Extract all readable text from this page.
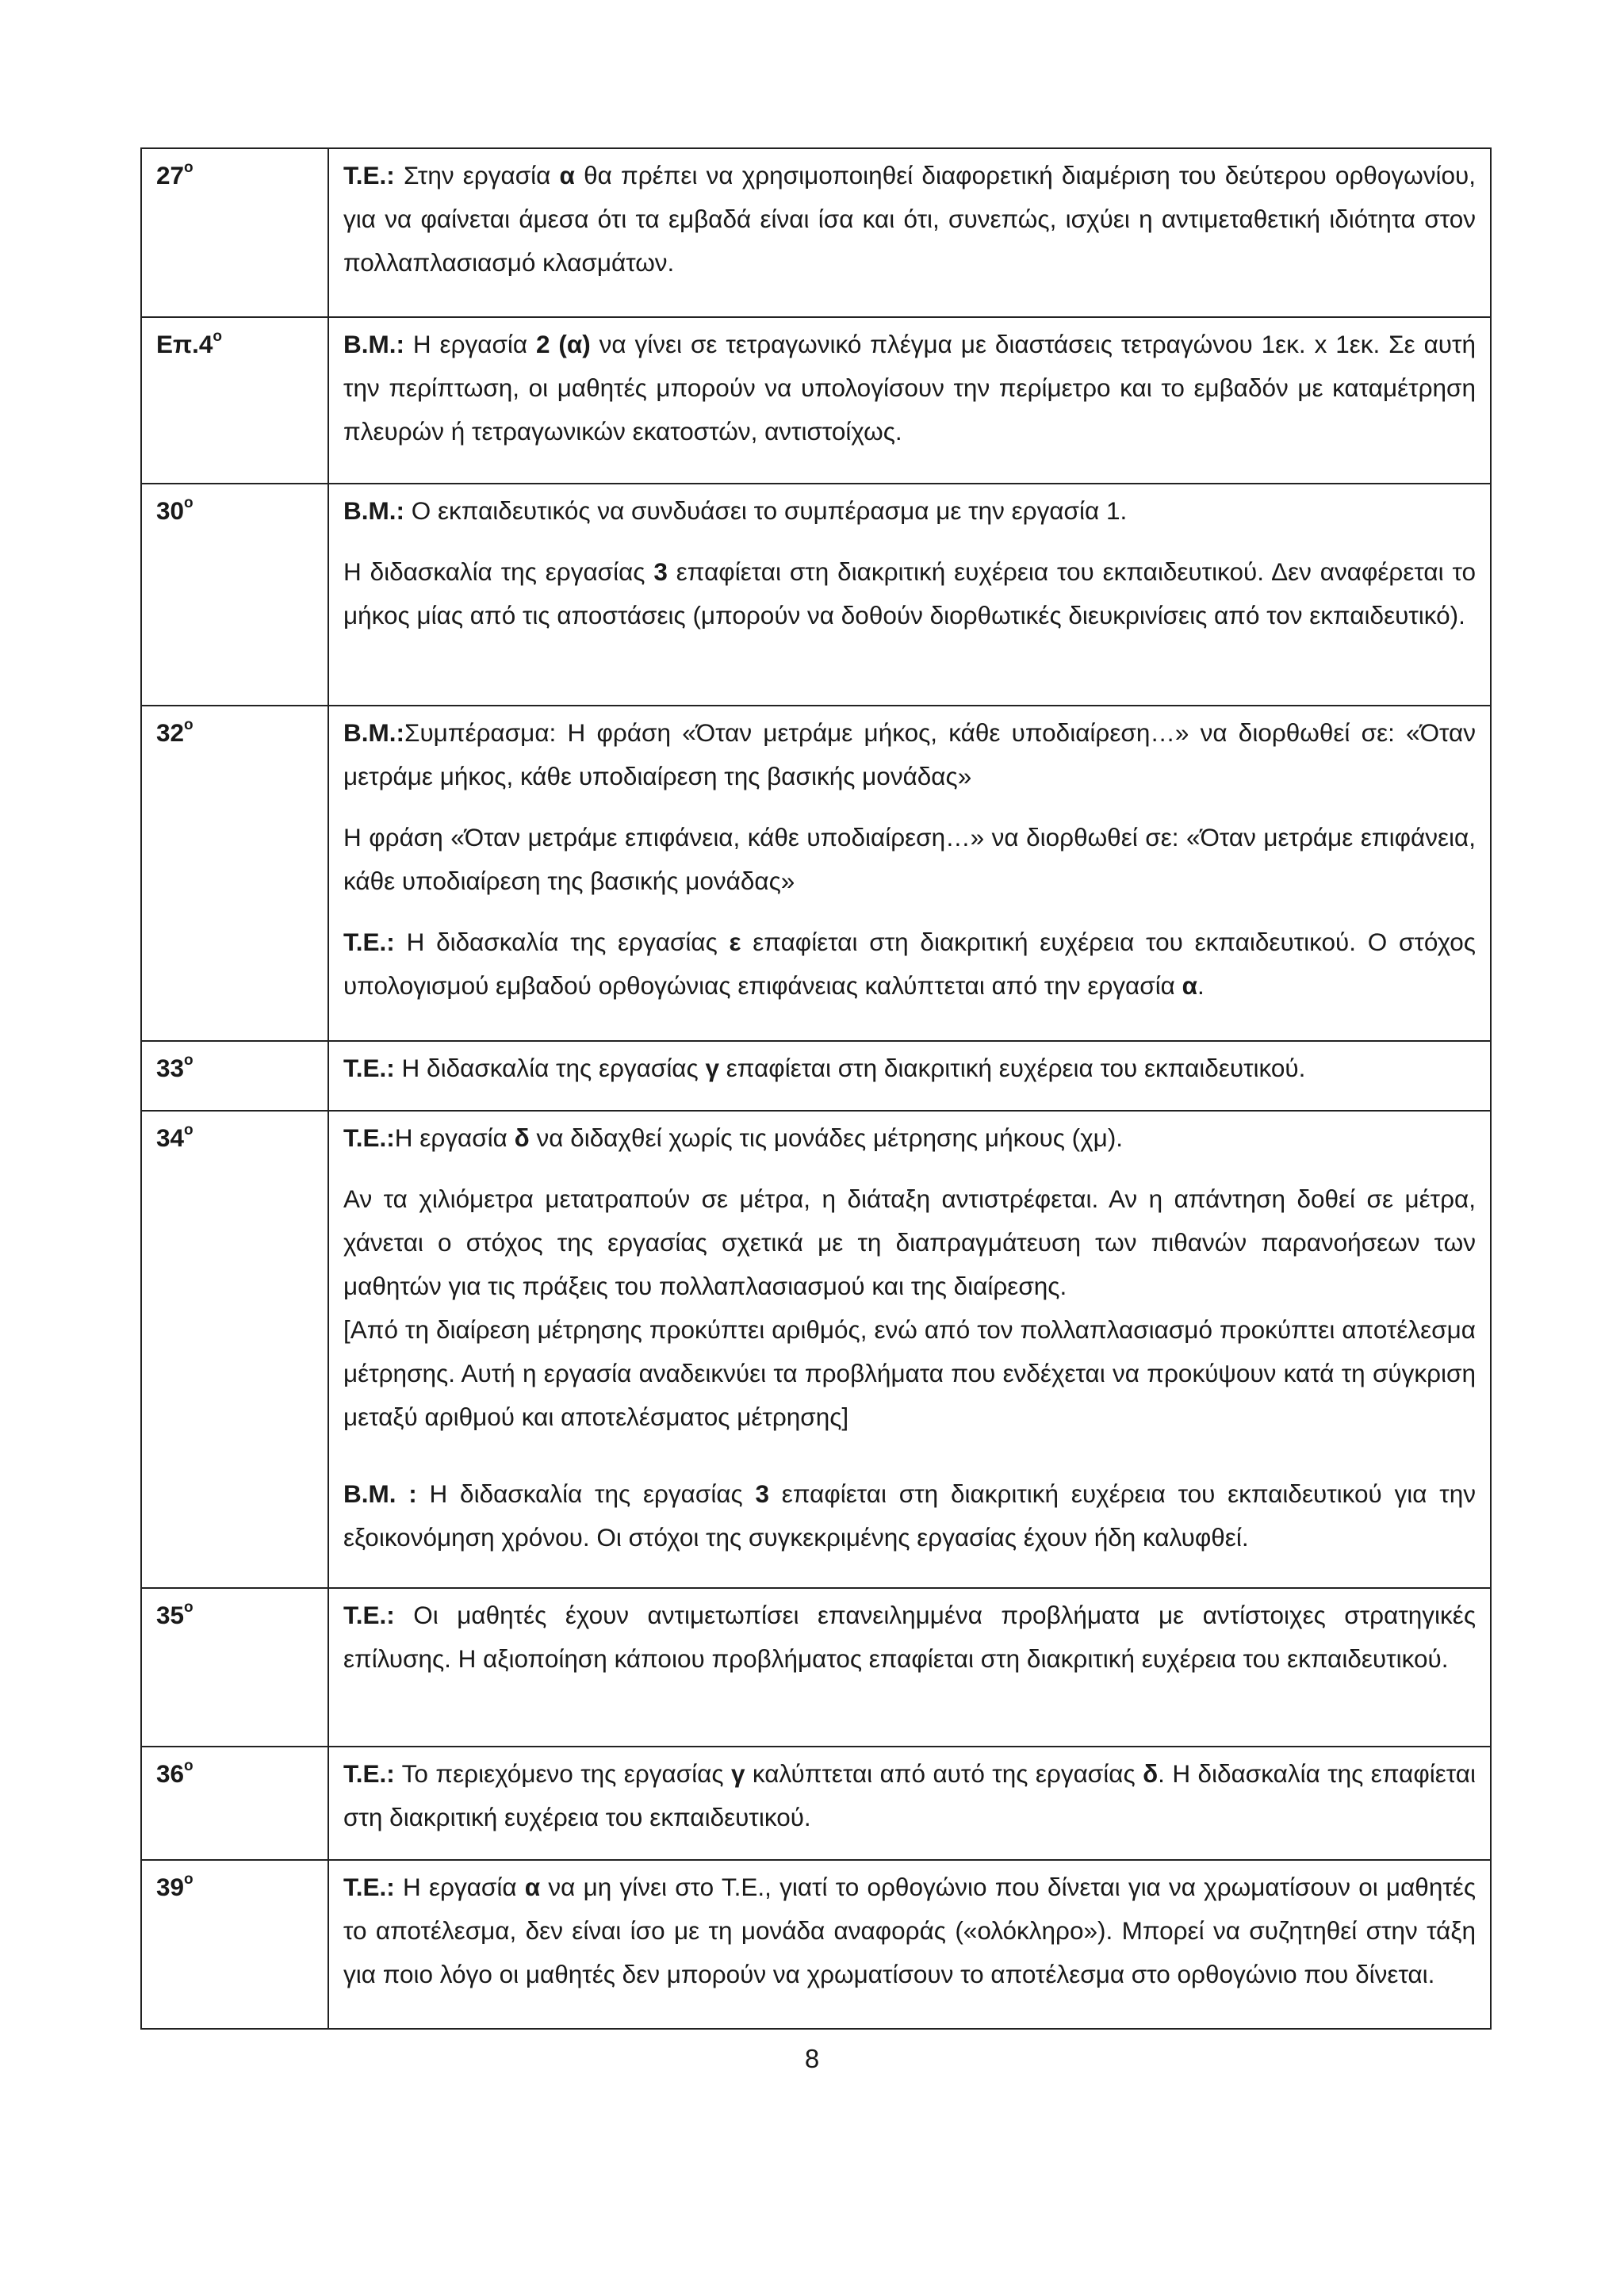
$27^o$	Τ.Ε.: Στην εργασία α θα πρέπει να χρησιμοποιηθεί διαφορετική διαμέριση του δεύτερου ορθογωνίου, για να φαίνεται άμεσα ότι τα εμβαδά είναι ίσα και ότι, συνεπώς, ισχύει η αντιμεταθετική ιδιότητα στον πολλαπλασιασμό κλασμάτων.

$E\pi.4^o$	Β.Μ.: Η εργασία 2 (α) να γίνει σε τετραγωνικό πλέγμα με διαστάσεις τετραγώνου 1εκ. x 1εκ. Σε αυτή την περίπτωση, οι μαθητές μπορούν να υπολογίσουν την περίμετρο και το εμβαδόν με καταμέτρηση πλευρών ή τετραγωνικών εκατοστών, αντιστοίχως.

$30^o$	Β.Μ.: Ο εκπαιδευτικός να συνδυάσει το συμπέρασμα με την εργασία 1.

Η διδασκαλία της εργασίας 3 επαφίεται στη διακριτική ευχέρεια του εκπαιδευτικού. Δεν αναφέρεται το μήκος μίας από τις αποστάσεις (μπορούν να δοθούν διορθωτικές διευκρινίσεις από τον εκπαιδευτικό).

$32^o$	Β.Μ.:Συμπέρασμα: Η φράση «Όταν μετράμε μήκος, κάθε υποδιαίρεση…» να διορθωθεί σε: «Όταν μετράμε μήκος, κάθε υποδιαίρεση της βασικής μονάδας»

Η φράση «Όταν μετράμε επιφάνεια, κάθε υποδιαίρεση…» να διορθωθεί σε: «Όταν μετράμε επιφάνεια, κάθε υποδιαίρεση της βασικής μονάδας»

Τ.Ε.: Η διδασκαλία της εργασίας ε επαφίεται στη διακριτική ευχέρεια του εκπαιδευτικού. Ο στόχος υπολογισμού εμβαδού ορθογώνιας επιφάνειας καλύπτεται από την εργασία α.

$33^o$	Τ.Ε.: Η διδασκαλία της εργασίας γ επαφίεται στη διακριτική ευχέρεια του εκπαιδευτικού.

$34^o$	Τ.Ε.:Η εργασία δ να διδαχθεί χωρίς τις μονάδες μέτρησης μήκους (χμ).

Αν τα χιλιόμετρα μετατραπούν σε μέτρα, η διάταξη αντιστρέφεται. Αν η απάντηση δοθεί σε μέτρα, χάνεται ο στόχος της εργασίας σχετικά με τη διαπραγμάτευση των πιθανών παρανοήσεων των μαθητών για τις πράξεις του πολλαπλασιασμού και της διαίρεσης.

[Από τη διαίρεση μέτρησης προκύπτει αριθμός, ενώ από τον πολλαπλασιασμό προκύπτει αποτέλεσμα μέτρησης. Αυτή η εργασία αναδεικνύει τα προβλήματα που ενδέχεται να προκύψουν κατά τη σύγκριση μεταξύ αριθμού και αποτελέσματος μέτρησης]

Β.Μ. : Η διδασκαλία της εργασίας 3 επαφίεται στη διακριτική ευχέρεια του εκπαιδευτικού για την εξοικονόμηση χρόνου. Οι στόχοι της συγκεκριμένης εργασίας έχουν ήδη καλυφθεί.

$35^o$	Τ.Ε.: Οι μαθητές έχουν αντιμετωπίσει επανειλημμένα προβλήματα με αντίστοιχες στρατηγικές επίλυσης. Η αξιοποίηση κάποιου προβλήματος επαφίεται στη διακριτική ευχέρεια του εκπαιδευτικού.

$36^o$	Τ.Ε.: Το περιεχόμενο της εργασίας γ καλύπτεται από αυτό της εργασίας δ. Η διδασκαλία της επαφίεται στη διακριτική ευχέρεια του εκπαιδευτικού.

$39^o$	Τ.Ε.: Η εργασία α να μη γίνει στο Τ.Ε., γιατί το ορθογώνιο που δίνεται για να χρωματίσουν οι μαθητές το αποτέλεσμα, δεν είναι ίσο με τη μονάδα αναφοράς («ολόκληρο»). Μπορεί να συζητηθεί στην τάξη για ποιο λόγο οι μαθητές δεν μπορούν να χρωματίσουν το αποτέλεσμα στο ορθογώνιο που δίνεται.

8
